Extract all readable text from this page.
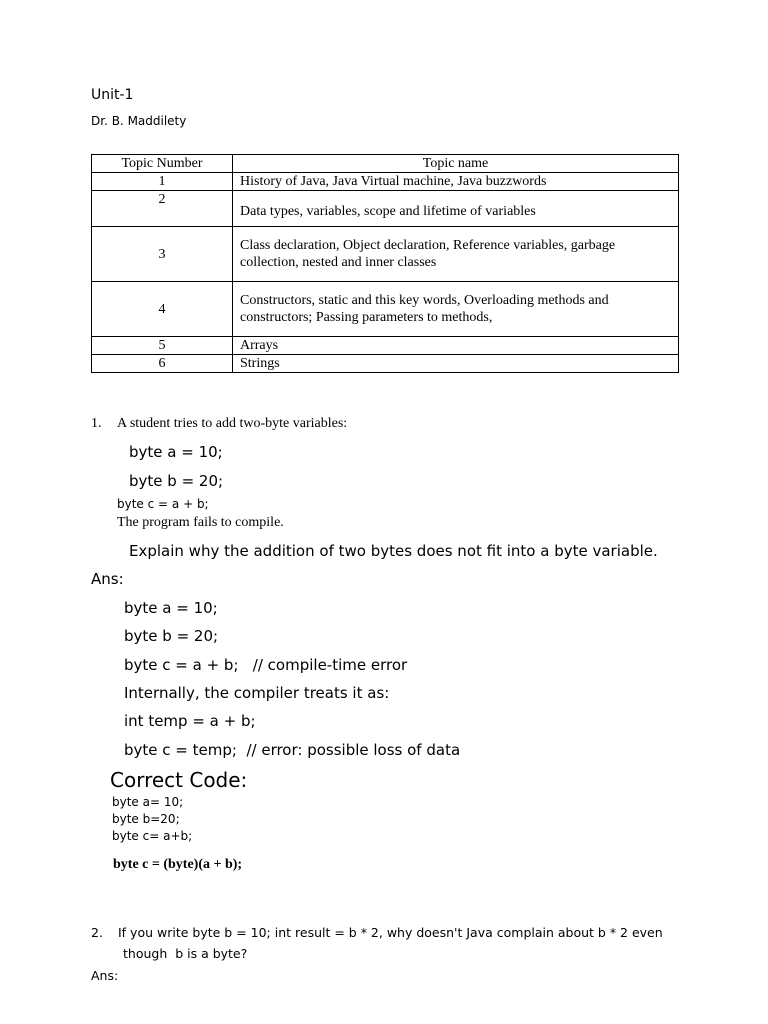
Unit-1
Dr. B. Maddilety
Topic Number	Topic name
1	History of Java, Java Virtual machine, Java buzzwords
2	Data types, variables, scope and lifetime of variables
3	Class declaration, Object declaration, Reference variables, garbage
collection, nested and inner classes

4	Constructors, static and this key words, Overloading methods and
constructors; Passing parameters to methods,

5	Arrays
6	Strings
1. A student tries to add two-byte variables:
byte a = 10;
byte b = 20;
byte c = a + b;
The program fails to compile.
Explain why the addition of two bytes does not fit into a byte variable.
Ans:
byte a = 10;
byte b = 20;
byte c = a + b;   // compile-time error
Internally, the compiler treats it as:
int temp = a + b;
byte c = temp;  // error: possible loss of data
Correct Code:
byte a= 10;
byte b=20;
byte c= a+b;
byte c = (byte)(a + b);
2. If you write byte b = 10; int result = b * 2, why doesn't Java complain about b * 2 even
though  b is a byte?
Ans:
